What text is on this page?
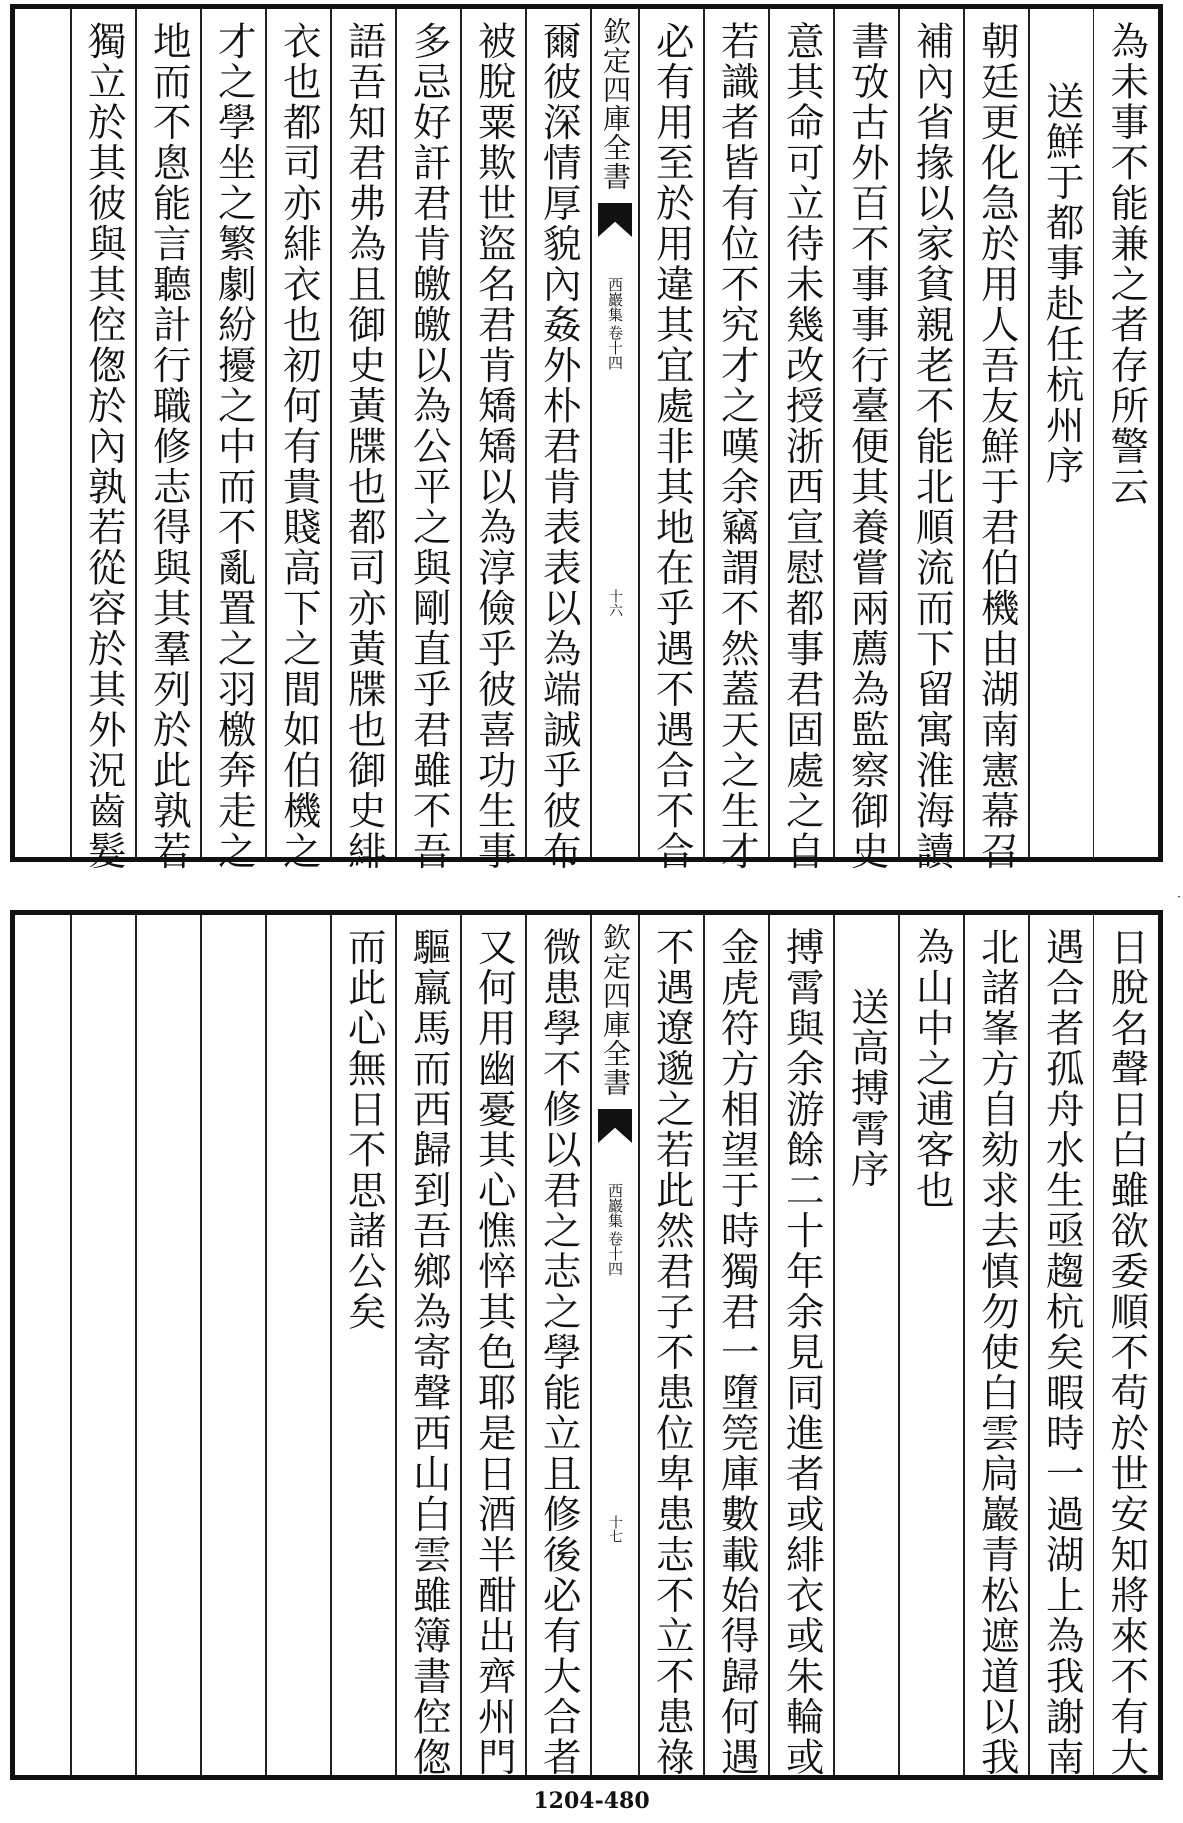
為未事不能兼之者存所警云
送鮮于都事赴任杭州序
朝廷更化急於用人吾友鮮于君伯機由湖南憲幕召
補內省掾以家貧親老不能北順流而下留寓淮海讀
書攷古外百不事事行臺便其養嘗兩薦為監察御史
意其命可立待未幾改授浙西宣慰都事君固處之自
若識者皆有位不究才之嘆余竊謂不然蓋天之生才
必有用至於用違其宜處非其地在乎遇不遇合不合
欽定四庫全書
西巖集
卷十四
十六
爾彼深情厚貌內姦外朴君肯表表以為端誠乎彼布
被脫粟欺世盜名君肯矯矯以為淳儉乎彼喜功生事
多忌好訐君肯皦皦以為公平之與剛直乎君雖不吾
語吾知君弗為且御史黃牒也都司亦黃牒也御史緋
衣也都司亦緋衣也初何有貴賤高下之間如伯機之
才之學坐之繁劇紛擾之中而不亂置之羽檄奔走之
地而不悤能言聽計行職修志得與其羣列於此孰若
獨立於其彼與其倥偬於內孰若從容於其外況齒髮
·
日脫名聲日白雖欲委順不苟於世安知將來不有大
遇合者孤舟水生亟趨杭矣暇時一過湖上為我謝南
北諸峯方自劾求去慎勿使白雲扃巖青松遮道以我
為山中之逋客也
送高搏霄序
搏霄與余游餘二十年余見同進者或緋衣或朱輪或
金虎符方相望于時獨君一墮筦庫數載始得歸何遇
不遇遼邈之若此然君子不患位卑患志不立不患祿
欽定四庫全書
西巖集
卷十四
十七
微患學不修以君之志之學能立且修後必有大合者
又何用幽憂其心憔悴其色耶是日酒半酣出齊州門
驅羸馬而西歸到吾鄉為寄聲西山白雲雖簿書倥偬
而此心無日不思諸公矣
1204-480
